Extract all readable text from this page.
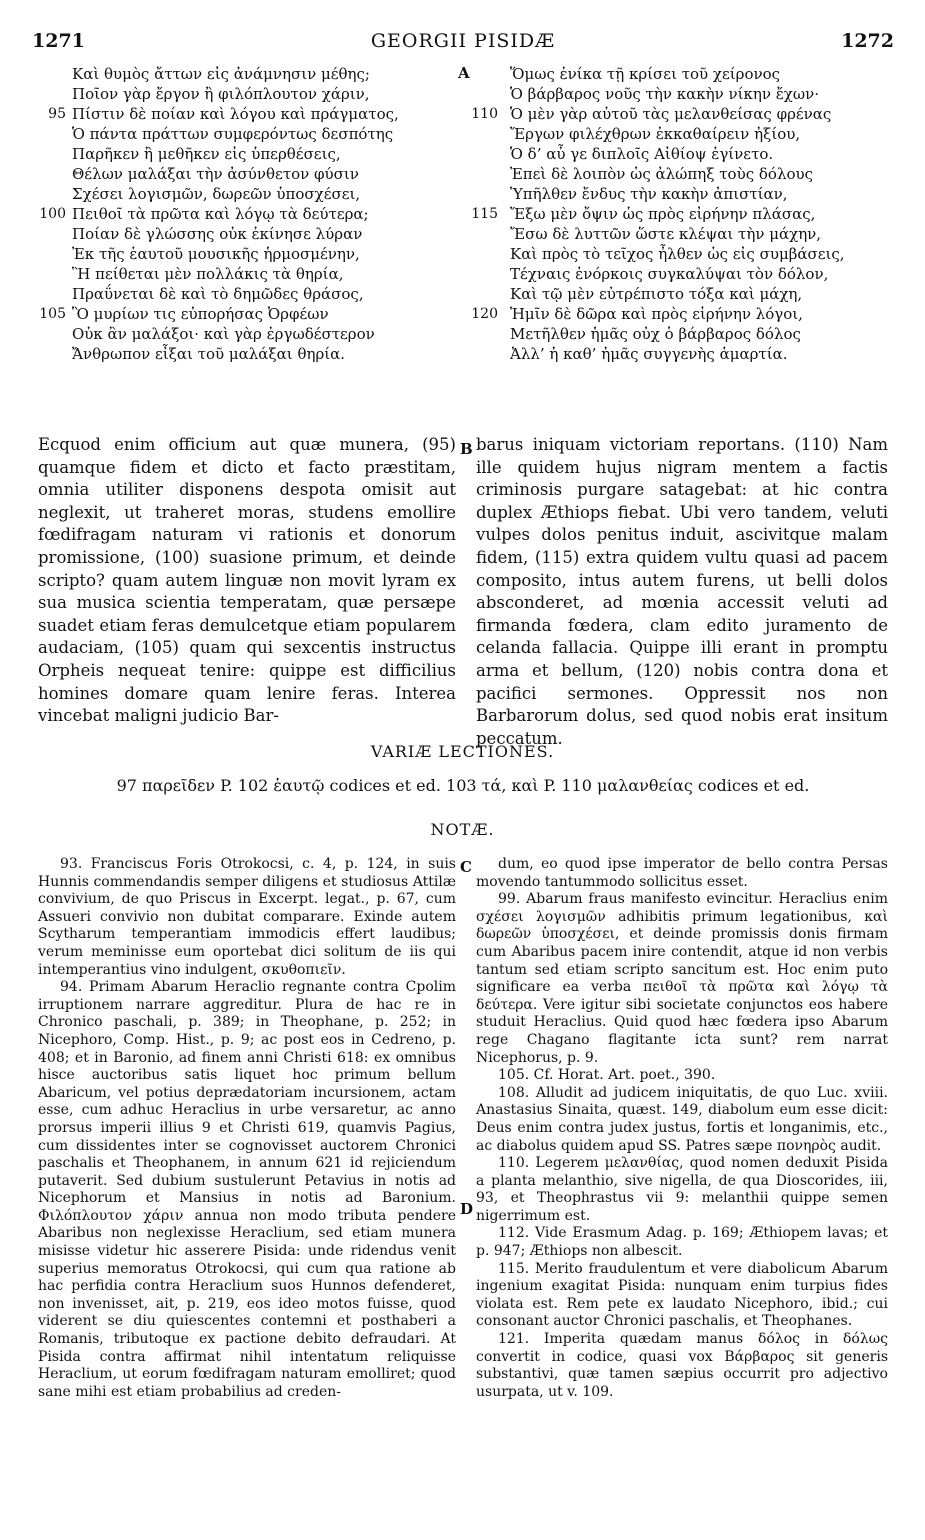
1271	GEORGII PISIDÆ	1272
Καὶ θυμὸς ἄττων εἰς ἀνάμνησιν μέθης;
Ποῖον γὰρ ἔργον ἢ φιλόπλουτον χάριν,
95 Πίστιν δὲ ποίαν καὶ λόγου καὶ πράγματος,
Ὁ πάντα πράττων συμφερόντως δεσπότης
Παρῆκεν ἢ μεθῆκεν εἰς ὑπερθέσεις,
Θέλων μαλάξαι τὴν ἀσύνθετον φύσιν
Σχέσει λογισμῶν, δωρεῶν ὑποσχέσει,
100 Πειθοῖ τὰ πρῶτα καὶ λόγῳ τὰ δεύτερα;
Ποίαν δὲ γλώσσης οὐκ ἐκίνησε λύραν
Ἐκ τῆς ἑαυτοῦ μουσικῆς ἡρμοσμένην,
Ἣ πείθεται μὲν πολλάκις τὰ θηρία,
Πραΰνεται δὲ καὶ τὸ δημῶδες θράσος,
105 Ὃ μυρίων τις εὐπορήσας Ὀρφέων
Οὐκ ἂν μαλάξοι· καὶ γὰρ ἐργωδέστερον
Ἄνθρωπον εἶξαι τοῦ μαλάξαι θηρία.
Ὅμως ἐνίκα τῇ κρίσει τοῦ χείρονος
Ὁ βάρβαρος νοῦς τὴν κακὴν νίκην ἔχων·
110 Ὁ μὲν γὰρ αὐτοῦ τὰς μελανθείσας φρένας
Ἔργων φιλέχθρων ἐκκαθαίρειν ἠξίου,
Ὁ δ’ αὖ γε διπλοῖς Αἰθίοψ ἐγίνετο.
Ἐπεὶ δὲ λοιπὸν ὡς ἀλώπηξ τοὺς δόλους
Ὑπῆλθεν ἔνδυς τὴν κακὴν ἀπιστίαν,
115 Ἔξω μὲν ὄψιν ὡς πρὸς εἰρήνην πλάσας,
Ἔσω δὲ λυττῶν ὥστε κλέψαι τὴν μάχην,
Καὶ πρὸς τὸ τεῖχος ἦλθεν ὡς εἰς συμβάσεις,
Τέχναις ἐνόρκοις συγκαλύψαι τὸν δόλον,
Καὶ τῷ μὲν εὐτρέπιστο τόξα καὶ μάχη,
120 Ἡμῖν δὲ δῶρα καὶ πρὸς εἰρήνην λόγοι,
Μετῆλθεν ἡμᾶς οὐχ ὁ βάρβαρος δόλος
Ἀλλ’ ἡ καθ’ ἡμᾶς συγγενὴς ἁμαρτία.
A
B
C
D
Ecquod enim officium aut quæ munera, (95) quamque fidem et dicto et facto præstitam, omnia utiliter disponens despota omisit aut neglexit, ut traheret moras, studens emollire fœdifragam naturam vi rationis et donorum promissione, (100) suasione primum, et deinde scripto? quam autem linguæ non movit lyram ex sua musica scientia temperatam, quæ persæpe suadet etiam feras demulcetque etiam popularem audaciam, (105) quam qui sexcentis instructus Orpheis nequeat tenire: quippe est difficilius homines domare quam lenire feras. Interea vincebat maligni judicio Bar-
barus iniquam victoriam reportans. (110) Nam ille quidem hujus nigram mentem a factis criminosis purgare satagebat: at hic contra duplex Æthiops fiebat. Ubi vero tandem, veluti vulpes dolos penitus induit, ascivitque malam fidem, (115) extra quidem vultu quasi ad pacem composito, intus autem furens, ut belli dolos absconderet, ad mœnia accessit veluti ad firmanda fœdera, clam edito juramento de celanda fallacia. Quippe illi erant in promptu arma et bellum, (120) nobis contra dona et pacifici sermones. Oppressit nos non Barbarorum dolus, sed quod nobis erat insitum peccatum.
VARIÆ LECTIONES.
97 παρεῖδεν P. 102 ἑαυτῷ codices et ed. 103 τά, καὶ P. 110 μαλανθείας codices et ed.
NOTÆ.

93. Franciscus Foris Otrokocsi, c. 4, p. 124, in suis Hunnis commendandis semper diligens et studiosus Attilæ convivium, de quo Priscus in Excerpt. legat., p. 67, cum Assueri convivio non dubitat comparare. Exinde autem Scytharum temperantiam immodicis effert laudibus; verum meminisse eum oportebat dici solitum de iis qui intemperantius vino indulgent, σκυθοπιεῖν.

94. Primam Abarum Heraclio regnante contra Cpolim irruptionem narrare aggreditur. Plura de hac re in Chronico paschali, p. 389; in Theophane, p. 252; in Nicephoro, Comp. Hist., p. 9; ac post eos in Cedreno, p. 408; et in Baronio, ad finem anni Christi 618: ex omnibus hisce auctoribus satis liquet hoc primum bellum Abaricum, vel potius deprædatoriam incursionem, actam esse, cum adhuc Heraclius in urbe versaretur, ac anno prorsus imperii illius 9 et Christi 619, quamvis Pagius, cum dissidentes inter se cognovisset auctorem Chronici paschalis et Theophanem, in annum 621 id rejiciendum putaverit. Sed dubium sustulerunt Petavius in notis ad Nicephorum et Mansius in notis ad Baronium. Φιλόπλουτον χάριν annua non modo tributa pendere Abaribus non neglexisse Heraclium, sed etiam munera misisse videtur hic asserere Pisida: unde ridendus venit superius memoratus Otrokocsi, qui cum qua ratione ab hac perfidia contra Heraclium suos Hunnos defenderet, non invenisset, ait, p. 219, eos ideo motos fuisse, quod viderent se diu quiescentes contemni et posthaberi a Romanis, tributoque ex pactione debito defraudari. At Pisida contra affirmat nihil intentatum reliquisse Heraclium, ut eorum fœdifragam naturam emolliret; quod sane mihi est etiam probabilius ad creden-

dum, eo quod ipse imperator de bello contra Persas movendo tantummodo sollicitus esset.

99. Abarum fraus manifesto evincitur. Heraclius enim σχέσει λογισμῶν adhibitis primum legationibus, καὶ δωρεῶν ὑποσχέσει, et deinde promissis donis firmam cum Abaribus pacem inire contendit, atque id non verbis tantum sed etiam scripto sancitum est. Hoc enim puto significare ea verba πειθοῖ τὰ πρῶτα καὶ λόγῳ τὰ δεύτερα. Vere igitur sibi societate conjunctos eos habere studuit Heraclius. Quid quod hæc fœdera ipso Abarum rege Chagano flagitante icta sunt? rem narrat Nicephorus, p. 9.

105. Cf. Horat. Art. poet., 390.

108. Alludit ad judicem iniquitatis, de quo Luc. xviii. Anastasius Sinaita, quæst. 149, diabolum eum esse dicit: Deus enim contra judex justus, fortis et longanimis, etc., ac diabolus quidem apud SS. Patres sæpe πονηρὸς audit.

110. Legerem μελανθίας, quod nomen deduxit Pisida a planta melanthio, sive nigella, de qua Dioscorides, iii, 93, et Theophrastus vii 9: melanthii quippe semen nigerrimum est.

112. Vide Erasmum Adag. p. 169; Æthiopem lavas; et p. 947; Æthiops non albescit.

115. Merito fraudulentum et vere diabolicum Abarum ingenium exagitat Pisida: nunquam enim turpius fides violata est. Rem pete ex laudato Nicephoro, ibid.; cui consonant auctor Chronici paschalis, et Theophanes.

121. Imperita quædam manus δόλος in δόλως convertit in codice, quasi vox Βάρβαρος sit generis substantivi, quæ tamen sæpius occurrit pro adjectivo usurpata, ut v. 109.
